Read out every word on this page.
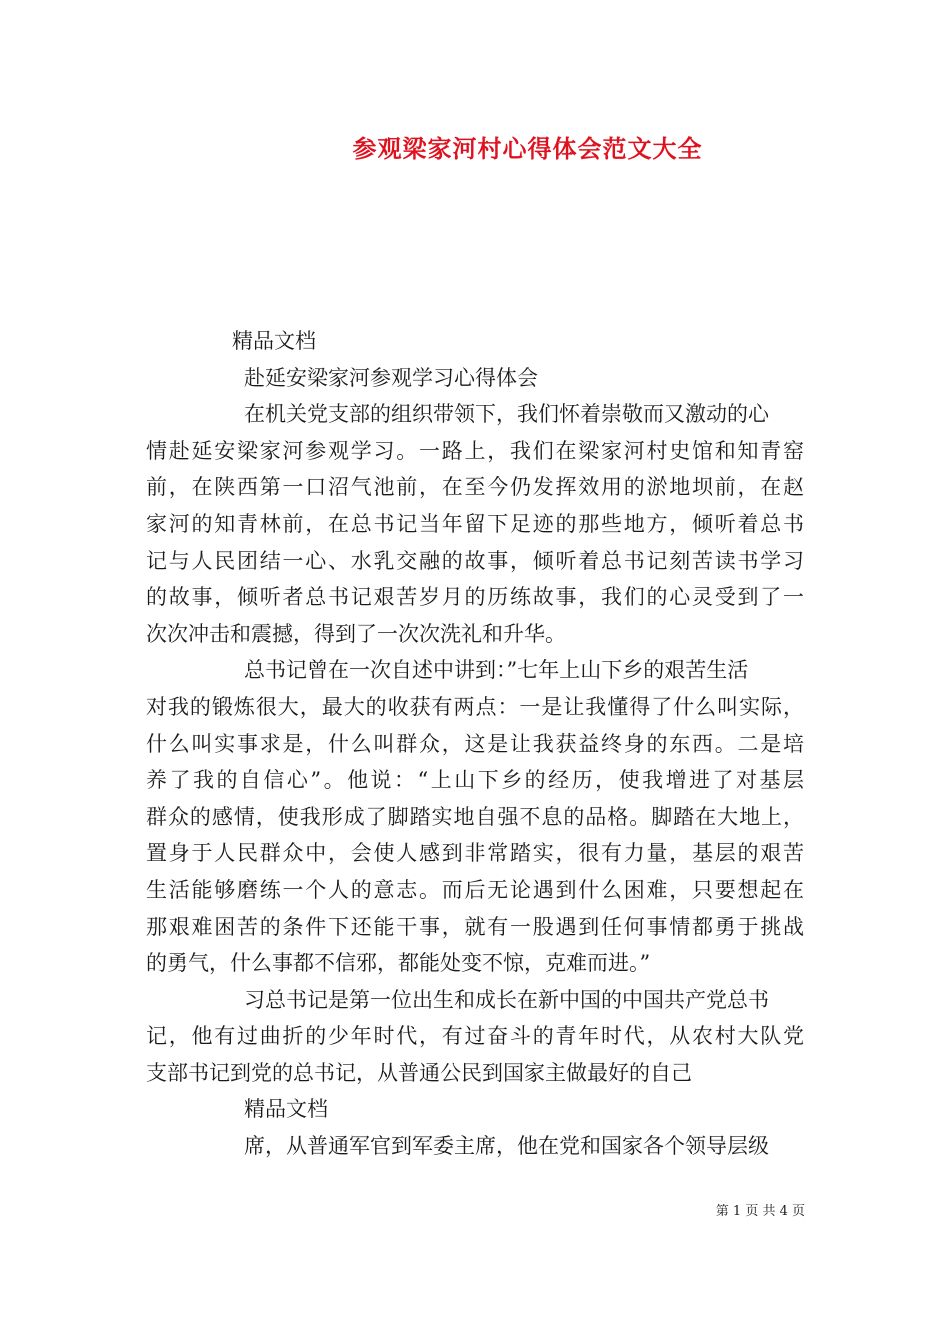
参观梁家河村心得体会范文大全
精品文档
赴延安梁家河参观学习心得体会
在机关党支部的组织带领下，我们怀着崇敬而又激动的心
情赴延安梁家河参观学习。一路上，我们在梁家河村史馆和知青窑
前，在陕西第一口沼气池前，在至今仍发挥效用的淤地坝前，在赵
家河的知青林前，在总书记当年留下足迹的那些地方，倾听着总书
记与人民团结一心、水乳交融的故事，倾听着总书记刻苦读书学习
的故事，倾听者总书记艰苦岁月的历练故事，我们的心灵受到了一
次次冲击和震撼，得到了一次次洗礼和升华。
总书记曾在一次自述中讲到：”七年上山下乡的艰苦生活
对我的锻炼很大，最大的收获有两点：一是让我懂得了什么叫实际，
什么叫实事求是，什么叫群众，这是让我获益终身的东西。二是培
养了我的自信心”。他说：“上山下乡的经历，使我增进了对基层
群众的感情，使我形成了脚踏实地自强不息的品格。脚踏在大地上，
置身于人民群众中，会使人感到非常踏实，很有力量，基层的艰苦
生活能够磨练一个人的意志。而后无论遇到什么困难，只要想起在
那艰难困苦的条件下还能干事，就有一股遇到任何事情都勇于挑战
的勇气，什么事都不信邪，都能处变不惊，克难而进。”
习总书记是第一位出生和成长在新中国的中国共产党总书
记，他有过曲折的少年时代，有过奋斗的青年时代，从农村大队党
支部书记到党的总书记，从普通公民到国家主做最好的自己
精品文档
席，从普通军官到军委主席，他在党和国家各个领导层级
第 1 页 共 4 页
